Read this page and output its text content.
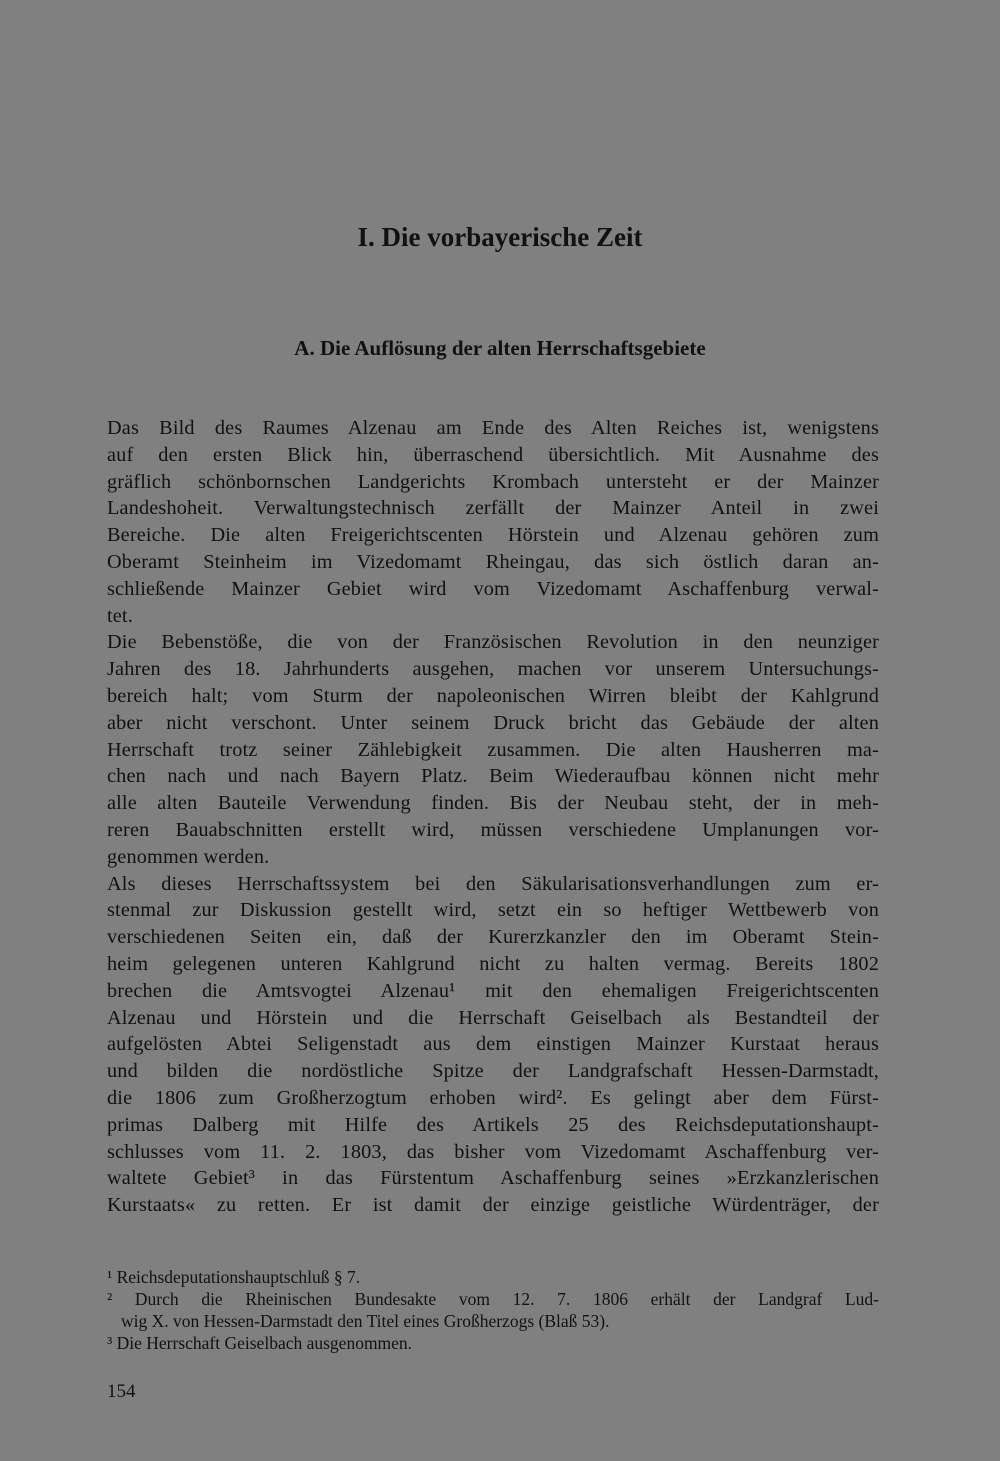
I. Die vorbayerische Zeit
A. Die Auflösung der alten Herrschaftsgebiete

Das Bild des Raumes Alzenau am Ende des Alten Reiches ist, wenigstens
auf den ersten Blick hin, überraschend übersichtlich. Mit Ausnahme des
gräflich schönbornschen Landgerichts Krombach untersteht er der Mainzer
Landeshoheit. Verwaltungstechnisch zerfällt der Mainzer Anteil in zwei
Bereiche. Die alten Freigerichtscenten Hörstein und Alzenau gehören zum
Oberamt Steinheim im Vizedomamt Rheingau, das sich östlich daran an-
schließende Mainzer Gebiet wird vom Vizedomamt Aschaffenburg verwal-
tet.

Die Bebenstöße, die von der Französischen Revolution in den neunziger
Jahren des 18. Jahrhunderts ausgehen, machen vor unserem Untersuchungs-
bereich halt; vom Sturm der napoleonischen Wirren bleibt der Kahlgrund
aber nicht verschont. Unter seinem Druck bricht das Gebäude der alten
Herrschaft trotz seiner Zählebigkeit zusammen. Die alten Hausherren ma-
chen nach und nach Bayern Platz. Beim Wiederaufbau können nicht mehr
alle alten Bauteile Verwendung finden. Bis der Neubau steht, der in meh-
reren Bauabschnitten erstellt wird, müssen verschiedene Umplanungen vor-
genommen werden.

Als dieses Herrschaftssystem bei den Säkularisationsverhandlungen zum er-
stenmal zur Diskussion gestellt wird, setzt ein so heftiger Wettbewerb von
verschiedenen Seiten ein, daß der Kurerzkanzler den im Oberamt Stein-
heim gelegenen unteren Kahlgrund nicht zu halten vermag. Bereits 1802
brechen die Amtsvogtei Alzenau¹ mit den ehemaligen Freigerichtscenten
Alzenau und Hörstein und die Herrschaft Geiselbach als Bestandteil der
aufgelösten Abtei Seligenstadt aus dem einstigen Mainzer Kurstaat heraus
und bilden die nordöstliche Spitze der Landgrafschaft Hessen-Darmstadt,
die 1806 zum Großherzogtum erhoben wird². Es gelingt aber dem Fürst-
primas Dalberg mit Hilfe des Artikels 25 des Reichsdeputationshaupt-
schlusses vom 11. 2. 1803, das bisher vom Vizedomamt Aschaffenburg ver-
waltete Gebiet³ in das Fürstentum Aschaffenburg seines »Erzkanzlerischen
Kurstaats« zu retten. Er ist damit der einzige geistliche Würdenträger, der

¹ Reichsdeputationshauptschluß § 7.
² Durch die Rheinischen Bundesakte vom 12. 7. 1806 erhält der Landgraf Lud-
wig X. von Hessen-Darmstadt den Titel eines Großherzogs (Blaß 53).
³ Die Herrschaft Geiselbach ausgenommen.
154
